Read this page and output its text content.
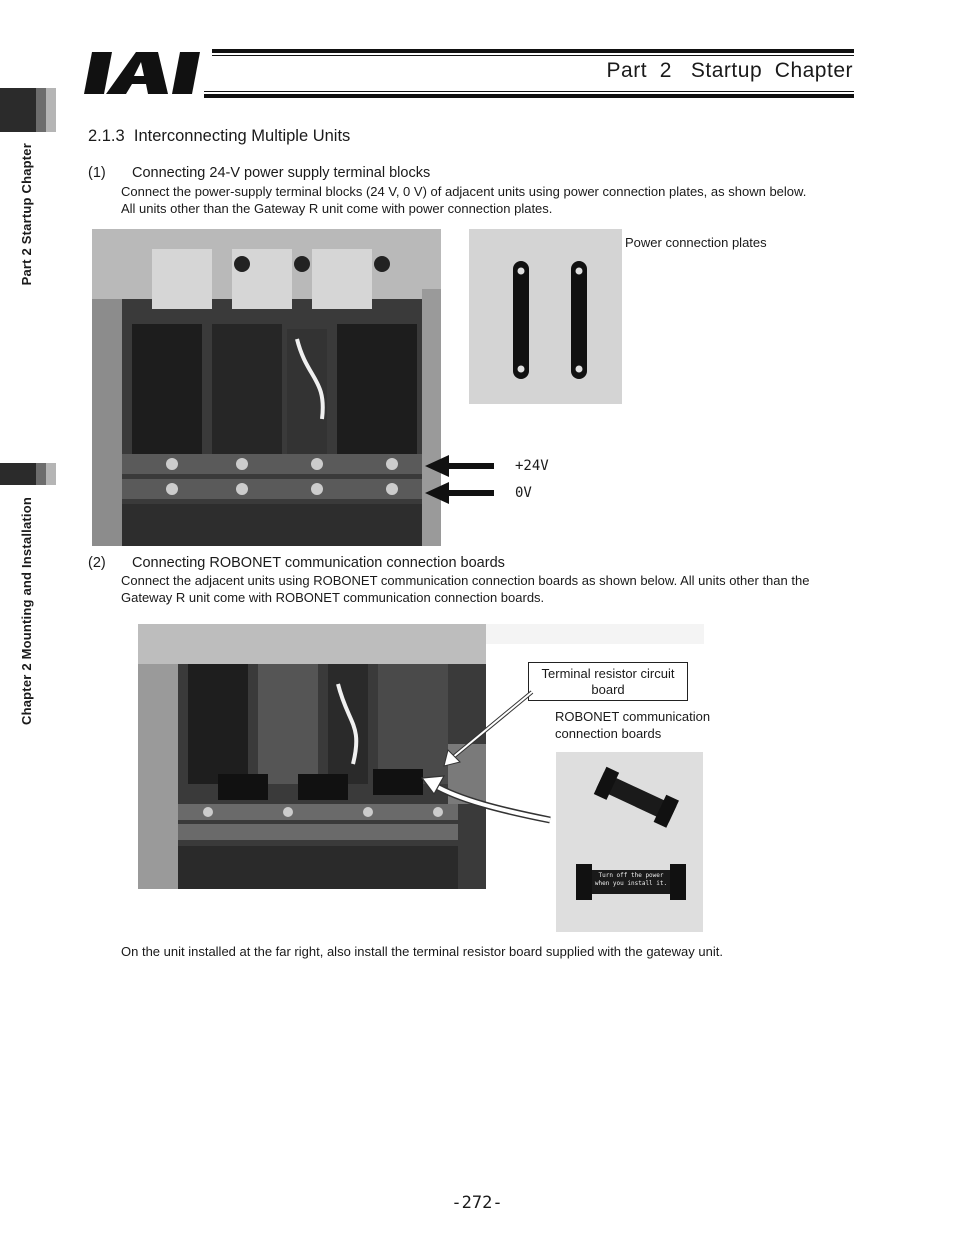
Part  2   Startup  Chapter
Part 2 Startup Chapter
Chapter 2 Mounting and Installation
2.1.3  Interconnecting Multiple Units
(1) Connecting 24-V power supply terminal blocks
Connect the power-supply terminal blocks (24 V, 0 V) of adjacent units using power connection plates, as shown below.
All units other than the Gateway R unit come with power connection plates.
Power connection plates
+24V
0V
(2) Connecting ROBONET communication connection boards
Connect the adjacent units using ROBONET communication connection boards as shown below. All units other than the
Gateway R unit come with ROBONET communication connection boards.
Terminal resistor circuit board
ROBONET communication
connection boards
Turn off the power
when you install it.
On the unit installed at the far right, also install the terminal resistor board supplied with the gateway unit.
-272-
